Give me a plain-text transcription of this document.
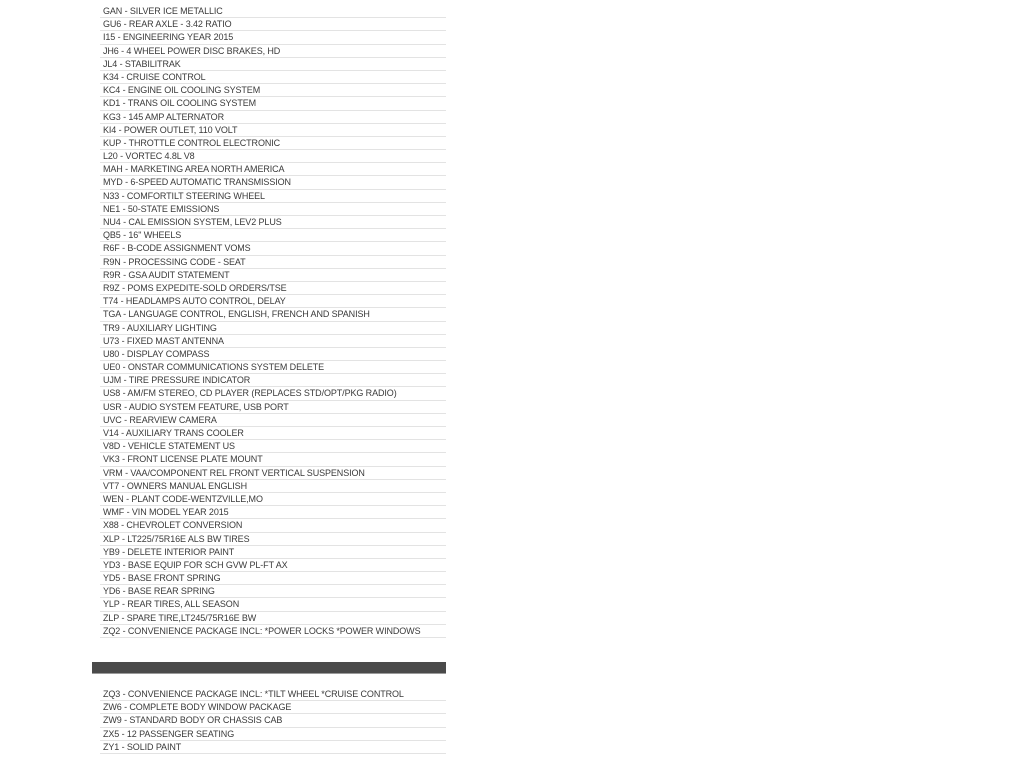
GAN - SILVER ICE METALLIC
GU6 - REAR AXLE - 3.42 RATIO
I15 - ENGINEERING YEAR 2015
JH6 - 4 WHEEL POWER DISC BRAKES, HD
JL4 - STABILITRAK
K34 - CRUISE CONTROL
KC4 - ENGINE OIL COOLING SYSTEM
KD1 - TRANS OIL COOLING SYSTEM
KG3 - 145 AMP ALTERNATOR
KI4 - POWER OUTLET, 110 VOLT
KUP - THROTTLE CONTROL ELECTRONIC
L20 - VORTEC 4.8L V8
MAH - MARKETING AREA NORTH AMERICA
MYD - 6-SPEED AUTOMATIC TRANSMISSION
N33 - COMFORTILT STEERING WHEEL
NE1 - 50-STATE EMISSIONS
NU4 - CAL EMISSION SYSTEM, LEV2 PLUS
QB5 - 16" WHEELS
R6F - B-CODE ASSIGNMENT VOMS
R9N - PROCESSING CODE - SEAT
R9R - GSA AUDIT STATEMENT
R9Z - POMS EXPEDITE-SOLD ORDERS/TSE
T74 - HEADLAMPS AUTO CONTROL, DELAY
TGA - LANGUAGE CONTROL, ENGLISH, FRENCH AND SPANISH
TR9 - AUXILIARY LIGHTING
U73 - FIXED MAST ANTENNA
U80 - DISPLAY COMPASS
UE0 - ONSTAR COMMUNICATIONS SYSTEM DELETE
UJM - TIRE PRESSURE INDICATOR
US8 - AM/FM STEREO, CD PLAYER (REPLACES STD/OPT/PKG RADIO)
USR - AUDIO SYSTEM FEATURE, USB PORT
UVC - REARVIEW CAMERA
V14 - AUXILIARY TRANS COOLER
V8D - VEHICLE STATEMENT US
VK3 - FRONT LICENSE PLATE MOUNT
VRM - VAA/COMPONENT REL FRONT VERTICAL SUSPENSION
VT7 - OWNERS MANUAL ENGLISH
WEN - PLANT CODE-WENTZVILLE,MO
WMF - VIN MODEL YEAR 2015
X88 - CHEVROLET CONVERSION
XLP - LT225/75R16E ALS BW TIRES
YB9 - DELETE INTERIOR PAINT
YD3 - BASE EQUIP FOR SCH GVW PL-FT AX
YD5 - BASE FRONT SPRING
YD6 - BASE REAR SPRING
YLP - REAR TIRES, ALL SEASON
ZLP - SPARE TIRE,LT245/75R16E BW
ZQ2 - CONVENIENCE PACKAGE INCL: *POWER LOCKS *POWER WINDOWS
ZQ3 - CONVENIENCE PACKAGE INCL: *TILT WHEEL *CRUISE CONTROL
ZW6 - COMPLETE BODY WINDOW PACKAGE
ZW9 - STANDARD BODY OR CHASSIS CAB
ZX5 - 12 PASSENGER SEATING
ZY1 - SOLID PAINT
